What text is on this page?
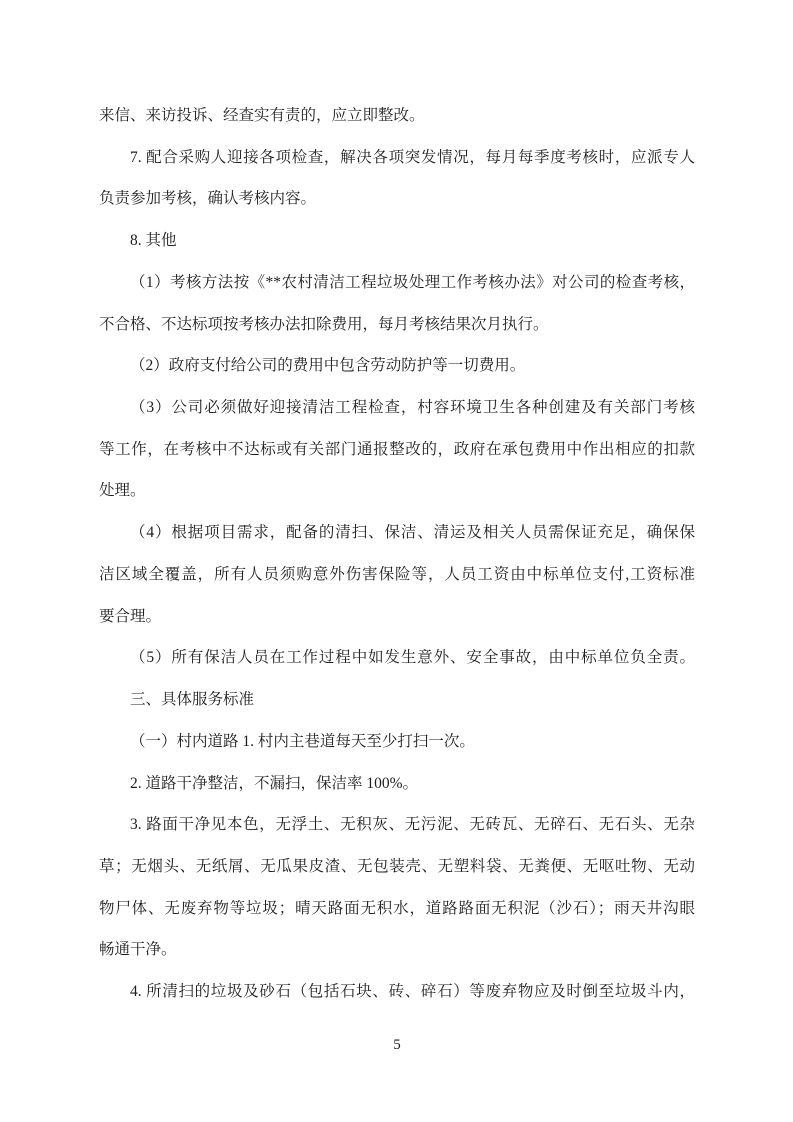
来信、来访投诉、经查实有责的，应立即整改。
7. 配合采购人迎接各项检查，解决各项突发情况，每月每季度考核时，应派专人
负责参加考核，确认考核内容。
8. 其他
（1）考核方法按《**农村清洁工程垃圾处理工作考核办法》对公司的检查考核，
不合格、不达标项按考核办法扣除费用，每月考核结果次月执行。
（2）政府支付给公司的费用中包含劳动防护等一切费用。
（3）公司必须做好迎接清洁工程检查，村容环境卫生各种创建及有关部门考核
等工作，在考核中不达标或有关部门通报整改的，政府在承包费用中作出相应的扣款
处理。
（4）根据项目需求，配备的清扫、保洁、清运及相关人员需保证充足，确保保
洁区域全覆盖，所有人员须购意外伤害保险等，人员工资由中标单位支付,工资标准
要合理。
（5）所有保洁人员在工作过程中如发生意外、安全事故，由中标单位负全责。
三、具体服务标准
（一）村内道路 1. 村内主巷道每天至少打扫一次。
2. 道路干净整洁，不漏扫，保洁率 100%。
3. 路面干净见本色，无浮土、无积灰、无污泥、无砖瓦、无碎石、无石头、无杂
草；无烟头、无纸屑、无瓜果皮渣、无包装壳、无塑料袋、无粪便、无呕吐物、无动
物尸体、无废弃物等垃圾；晴天路面无积水，道路路面无积泥（沙石）；雨天井沟眼
畅通干净。
4. 所清扫的垃圾及砂石（包括石块、砖、碎石）等废弃物应及时倒至垃圾斗内，
5
